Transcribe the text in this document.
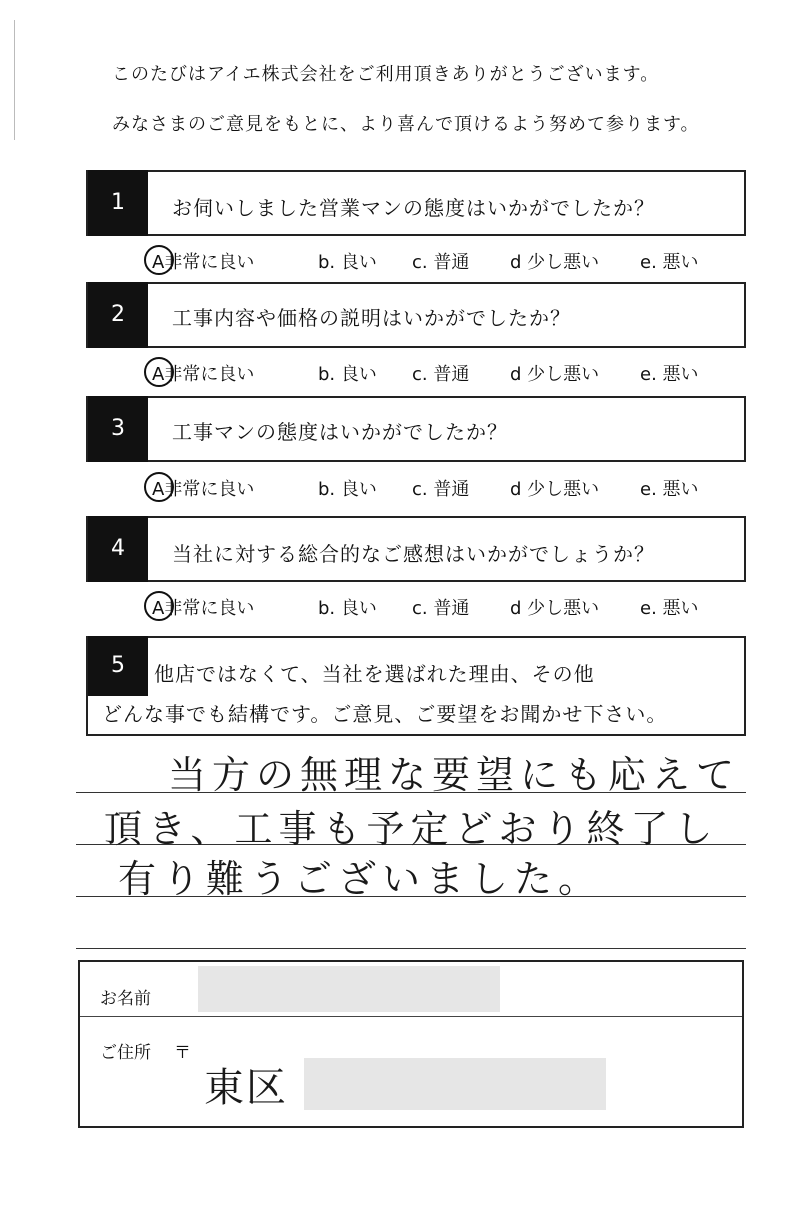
このたびはアイエ株式会社をご利用頂きありがとうございます。
みなさまのご意見をもとに、より喜んで頂けるよう努めて参ります。
1	お伺いしました営業マンの態度はいかがでしたか？
A非常に良い	b. 良い c. 普通 d 少し悪い e. 悪い
2	工事内容や価格の説明はいかがでしたか？
A非常に良い	b. 良い c. 普通 d 少し悪い e. 悪い
3	工事マンの態度はいかがでしたか？
A非常に良い	b. 良い c. 普通 d 少し悪い e. 悪い
4	当社に対する総合的なご感想はいかがでしょうか？
A非常に良い	b. 良い c. 普通 d 少し悪い e. 悪い
5	他店ではなくて、当社を選ばれた理由、その他
どんな事でも結構です。ご意見、ご要望をお聞かせ下さい。
当方の無理な要望にも応えて
頂き、工事も予定どおり終了し
有り難うございました。
お名前
ご住所 〒
東区
